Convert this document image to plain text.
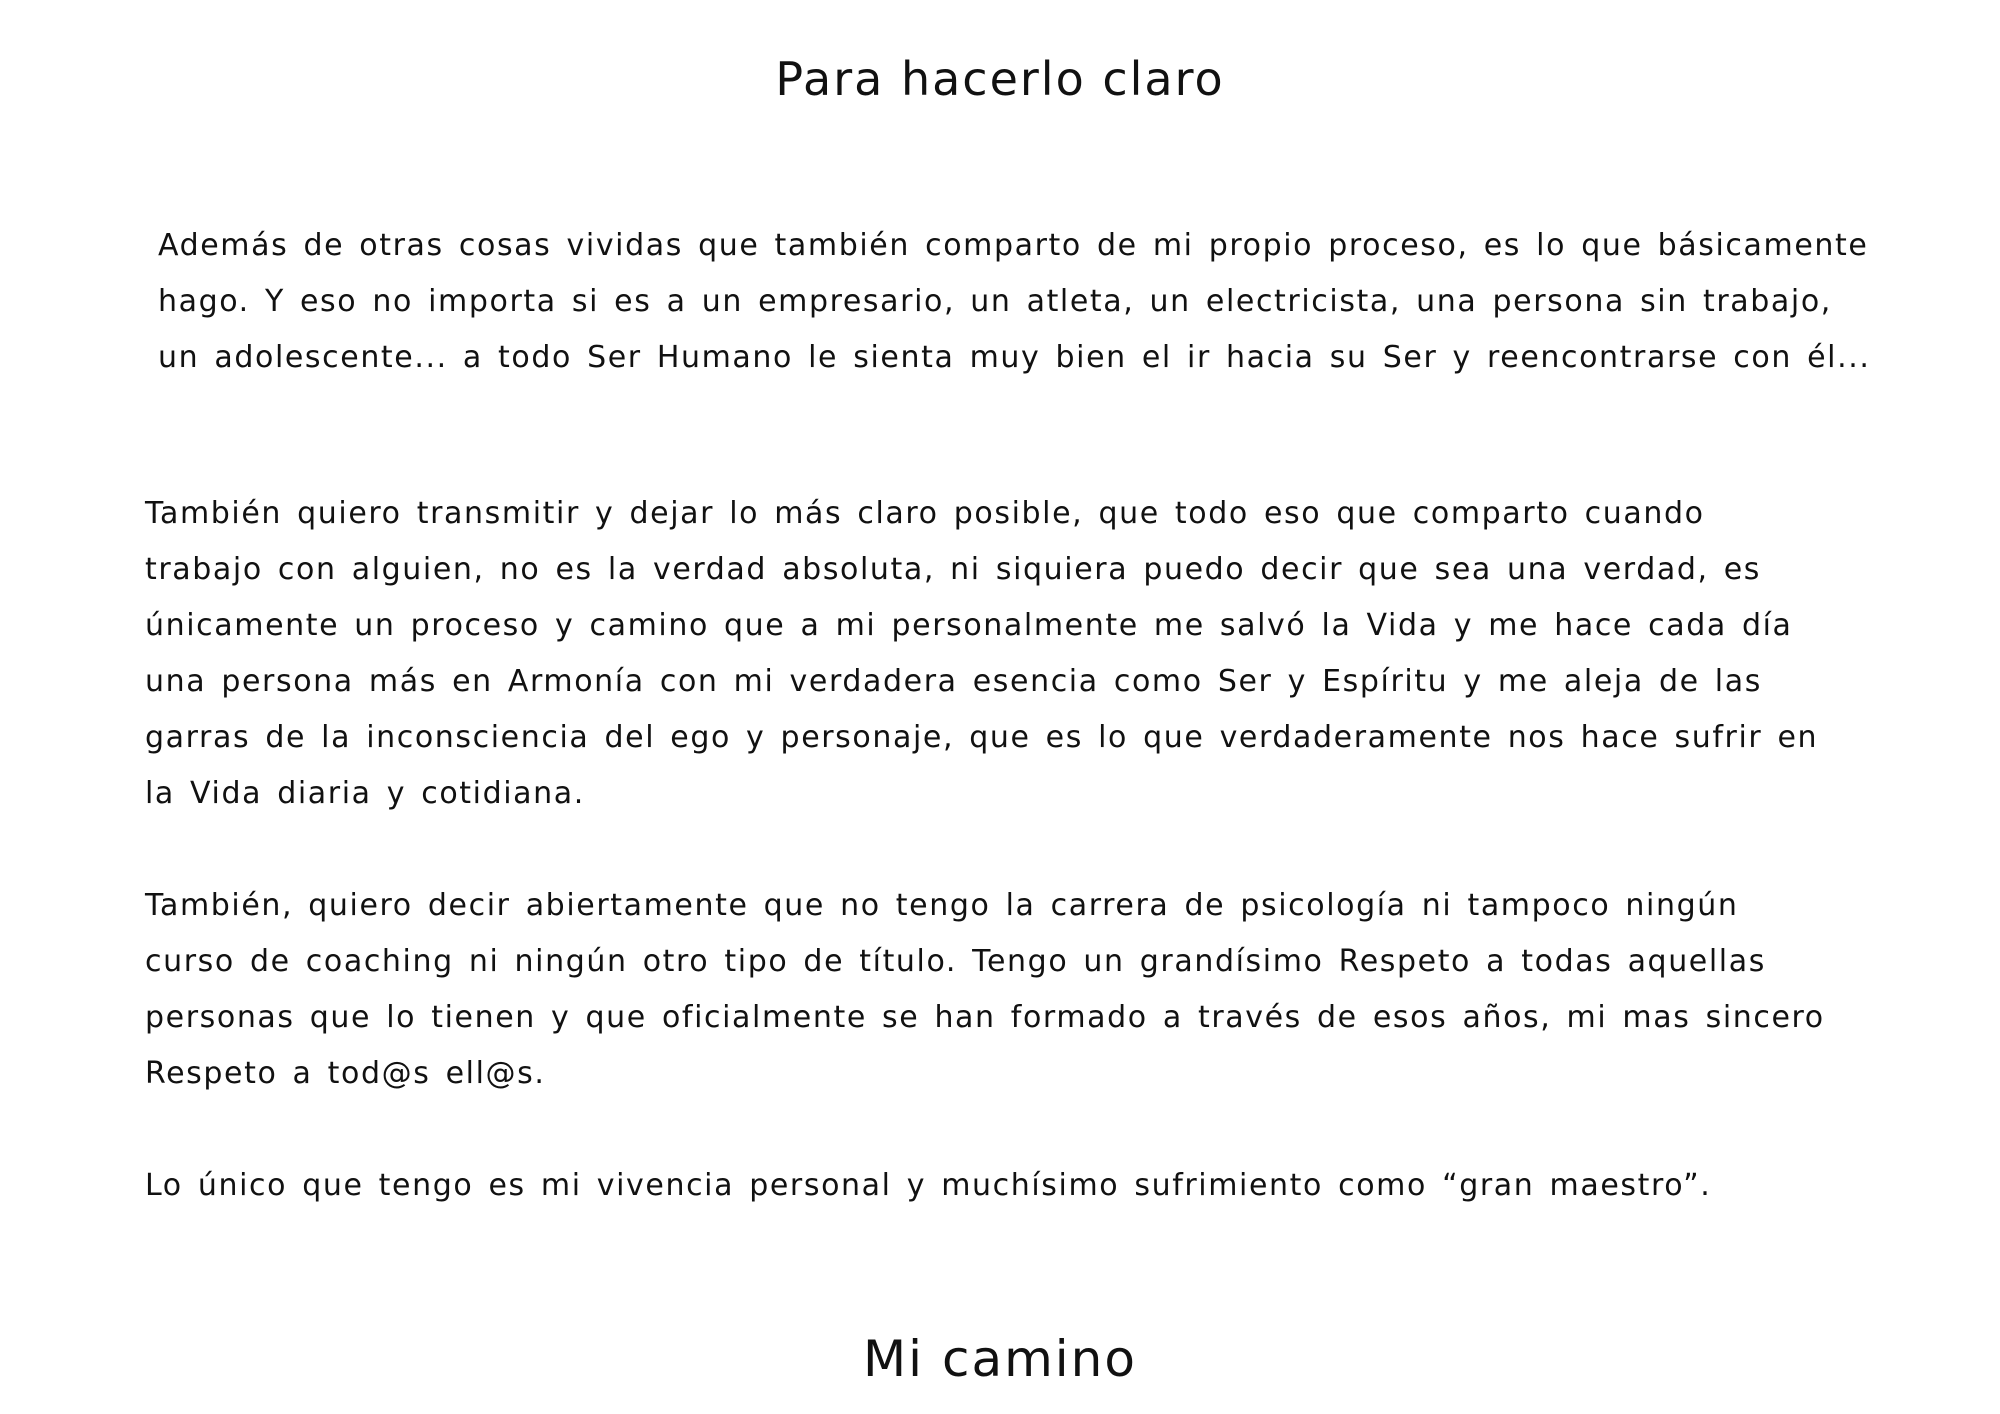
Para hacerlo claro

Además de otras cosas vividas que también comparto de mi propio proceso, es lo que básicamente
hago. Y eso no importa si es a un empresario, un atleta, un electricista, una persona sin trabajo,
un adolescente... a todo Ser Humano le sienta muy bien el ir hacia su Ser y reencontrarse con él...

También quiero transmitir y dejar lo más claro posible, que todo eso que comparto cuando
trabajo con alguien, no es la verdad absoluta, ni siquiera puedo decir que sea una verdad, es
únicamente un proceso y camino que a mi personalmente me salvó la Vida y me hace cada día
una persona más en Armonía con mi verdadera esencia como Ser y Espíritu y me aleja de las
garras de la inconsciencia del ego y personaje, que es lo que verdaderamente nos hace sufrir en
la Vida diaria y cotidiana.

También, quiero decir abiertamente que no tengo la carrera de psicología ni tampoco ningún
curso de coaching ni ningún otro tipo de título. Tengo un grandísimo Respeto a todas aquellas
personas que lo tienen y que oficialmente se han formado a través de esos años, mi mas sincero
Respeto a tod@s ell@s.

Lo único que tengo es mi vivencia personal y muchísimo sufrimiento como “gran maestro”.

Mi camino
